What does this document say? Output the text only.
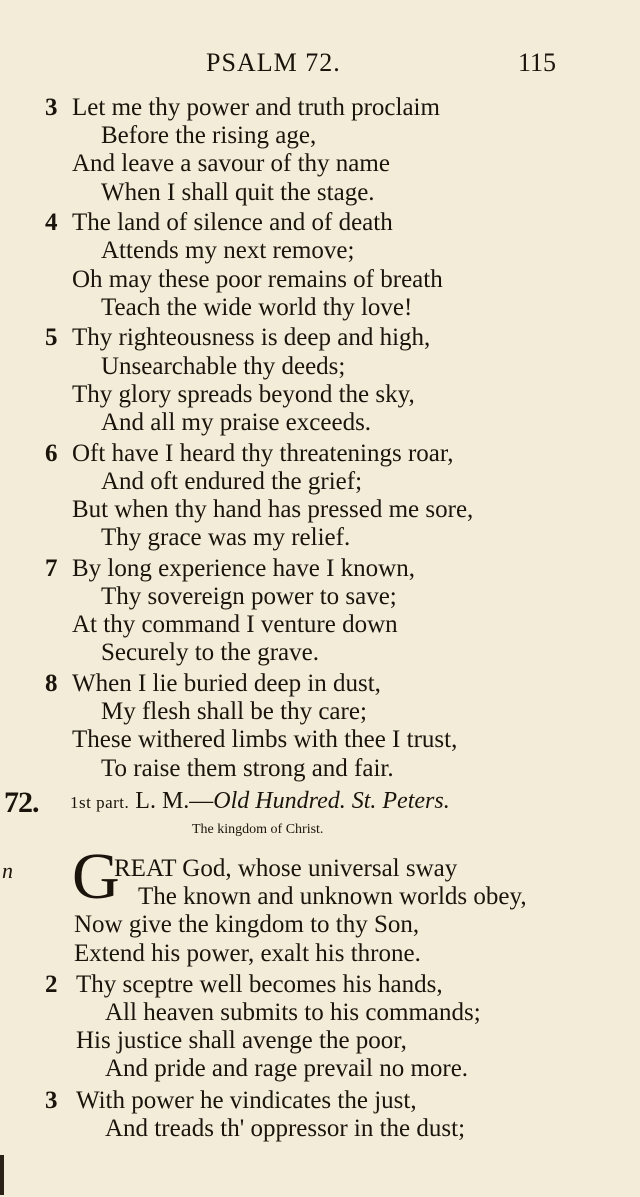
PSALM 72.	115
3 Let me thy power and truth proclaim
Before the rising age,
And leave a savour of thy name
When I shall quit the stage.
4 The land of silence and of death
Attends my next remove;
Oh may these poor remains of breath
Teach the wide world thy love!
5 Thy righteousness is deep and high,
Unsearchable thy deeds;
Thy glory spreads beyond the sky,
And all my praise exceeds.
6 Oft have I heard thy threatenings roar,
And oft endured the grief;
But when thy hand has pressed me sore,
Thy grace was my relief.
7 By long experience have I known,
Thy sovereign power to save;
At thy command I venture down
Securely to the grave.
8 When I lie buried deep in dust,
My flesh shall be thy care;
These withered limbs with thee I trust,
To raise them strong and fair.
72. 1st part. L. M.—Old Hundred. St. Peters.
The kingdom of Christ.
n G
REAT God, whose universal sway
The known and unknown worlds obey,
Now give the kingdom to thy Son,
Extend his power, exalt his throne.
2 Thy sceptre well becomes his hands,
All heaven submits to his commands;
His justice shall avenge the poor,
And pride and rage prevail no more.
3 With power he vindicates the just,
And treads th' oppressor in the dust;
